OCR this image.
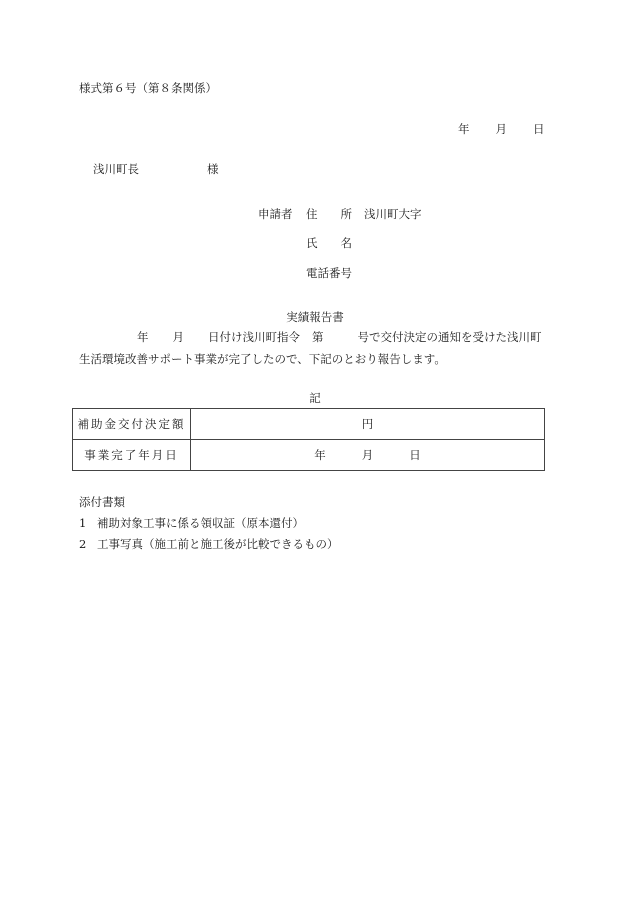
様式第６号（第８条関係）
年 月 日
浅川町長	様
申請者 住　　所 浅川町大字
氏　　名
電話番号
実績報告書
年 月 日付け浅川町指令 第	号で交付決定の通知を受けた浅川町
生活環境改善サポート事業が完了したので、下記のとおり報告します。
記
補助金交付決定額	円
事業完了年月日	年 月 日
添付書類
1 補助対象工事に係る領収証（原本還付）
2 工事写真（施工前と施工後が比較できるもの）
